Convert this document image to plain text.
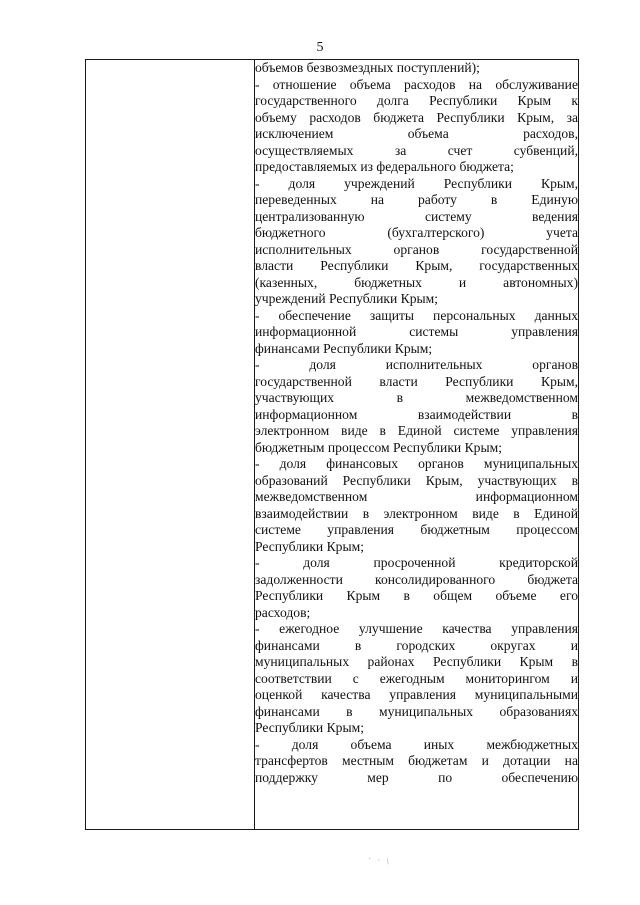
5

объемов безвозмездных поступлений);
- отношение объема расходов на обслуживание
государственного долга Республики Крым к
объему расходов бюджета Республики Крым, за
исключением объема расходов,
осуществляемых за счет субвенций,
предоставляемых из федерального бюджета;
- доля учреждений Республики Крым,
переведенных на работу в Единую
централизованную систему ведения
бюджетного (бухгалтерского) учета
исполнительных органов государственной
власти Республики Крым, государственных
(казенных, бюджетных и автономных)
учреждений Республики Крым;
- обеспечение защиты персональных данных
информационной системы управления
финансами Республики Крым;
- доля исполнительных органов
государственной власти Республики Крым,
участвующих в межведомственном
информационном взаимодействии в
электронном виде в Единой системе управления
бюджетным процессом Республики Крым;
- доля финансовых органов муниципальных
образований Республики Крым, участвующих в
межведомственном информационном
взаимодействии в электронном виде в Единой
системе управления бюджетным процессом
Республики Крым;
- доля просроченной кредиторской
задолженности консолидированного бюджета
Республики Крым в общем объеме его
расходов;
- ежегодное улучшение качества управления
финансами в городских округах и
муниципальных районах Республики Крым в
соответствии с ежегодным мониторингом и
оценкой качества управления муниципальными
финансами в муниципальных образованиях
Республики Крым;
- доля объема иных межбюджетных
трансфертов местным бюджетам и дотации на
поддержку мер по обеспечению
· · \
